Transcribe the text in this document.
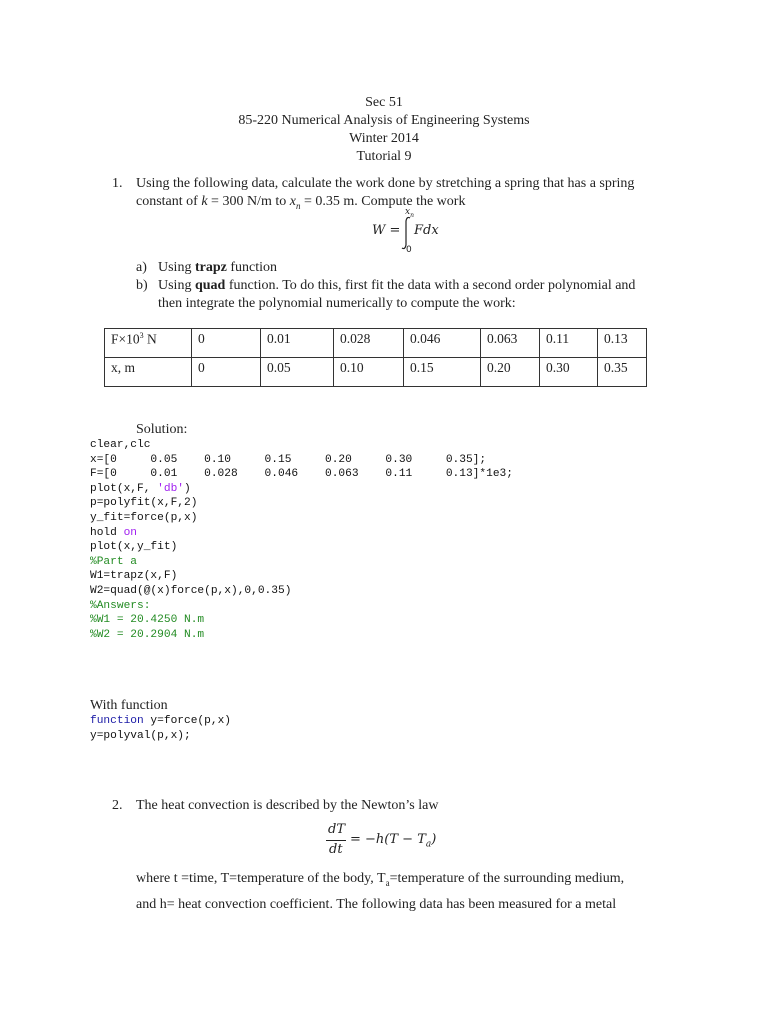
Sec 51
85-220 Numerical Analysis of Engineering Systems
Winter 2014
Tutorial 9
1. Using the following data, calculate the work done by stretching a spring that has a spring
constant of k = 300 N/m to $x_n = 0.35$ m. Compute the work
W =
$x_n$
0
Fdx
a) Using trapz function
b) Using quad function. To do this, first fit the data with a second order polynomial and
then integrate the polynomial numerically to compute the work:
$F\times 10^3$ N	0	0.01	0.028	0.046	0.063	0.11	0.13
x, m	0	0.05	0.10	0.15	0.20	0.30	0.35
Solution:
clear,clc
x=[0     0.05    0.10     0.15     0.20     0.30     0.35];
F=[0     0.01    0.028    0.046    0.063    0.11     0.13]*1e3;
plot(x,F, 'db')
p=polyfit(x,F,2)
y_fit=force(p,x)
hold on
plot(x,y_fit)
%Part a
W1=trapz(x,F)
W2=quad(@(x)force(p,x),0,0.35)
%Answers:
%W1 = 20.4250 N.m
%W2 = 20.2904 N.m
With function
function y=force(p,x)
y=polyval(p,x);
2. The heat convection is described by the Newton’s law
dT
dt
= $-h(T - T_a)$
where t =time, T=temperature of the body, $T_a=temperature$ of the surrounding medium,
and h= heat convection coefficient. The following data has been measured for a metal
